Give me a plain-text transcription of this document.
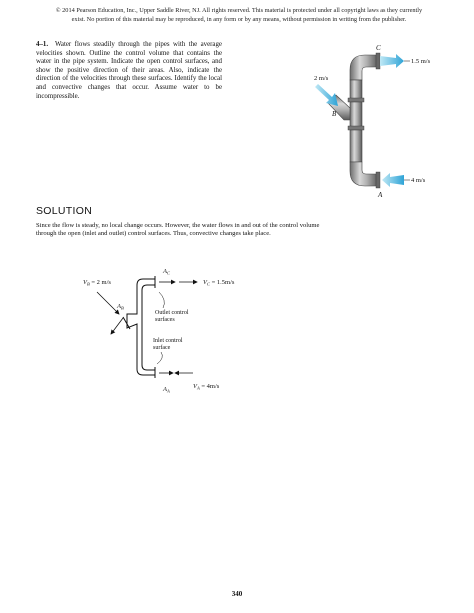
© 2014 Pearson Education, Inc., Upper Saddle River, NJ. All rights reserved. This material is protected under all copyright laws as they currently
exist. No portion of this material may be reproduced, in any form or by any means, without permission in writing from the publisher.
4–1. Water flows steadily through the pipes with the average velocities shown. Outline the control volume that contains the water in the pipe system. Indicate the open control surfaces, and show the positive direction of their areas. Also, indicate the direction of the velocities through these surfaces. Identify the local and convective changes that occur. Assume water to be incompressible.
C
1.5 m/s
2 m/s
B
4 m/s
A
SOLUTION
Since the flow is steady, no local change occurs. However, the water flows in and out of the control volume through the open (inlet and outlet) control surfaces. Thus, convective changes take place.
$V_B = 2$ m/s
$A_B$
$A_C$
$V_C = 1.5m/s$
Outlet control
surfaces
Inlet control
surface
$A_A$
$V_A = 4m/s$
340
